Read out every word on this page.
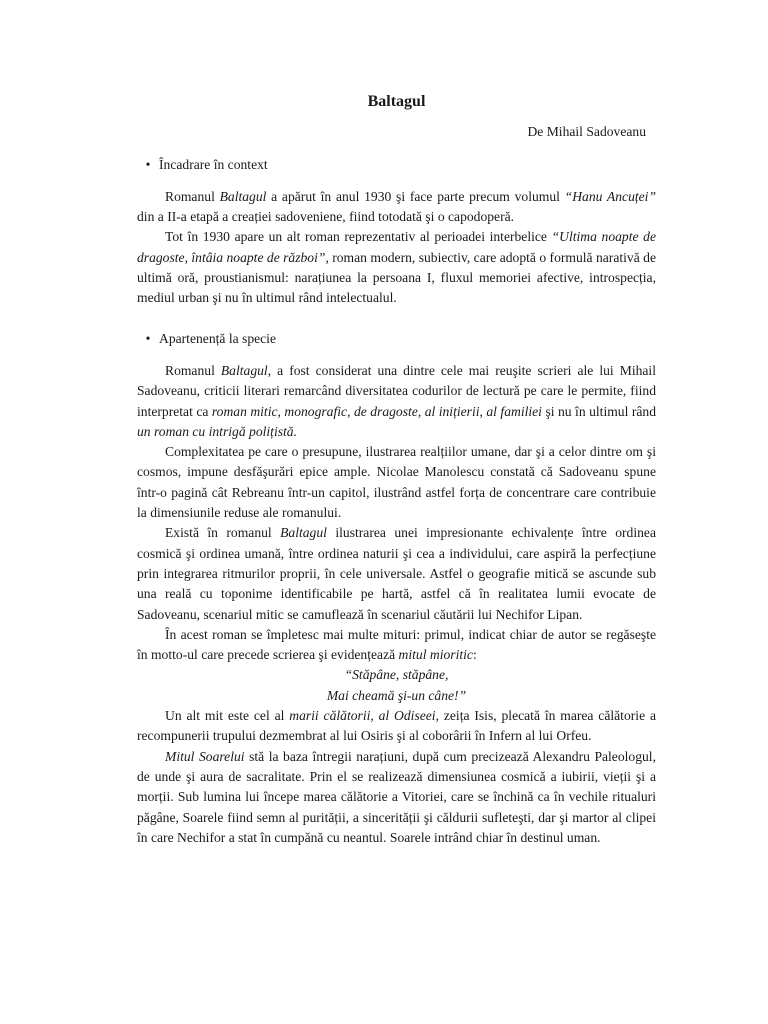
Baltagul
De Mihail Sadoveanu
• Încadrare în context

Romanul Baltagul a apărut în anul 1930 şi face parte precum volumul “Hanu Ancuței” din a II-a etapă a creației sadoveniene, fiind totodată şi o capodoperă.

Tot în 1930 apare un alt roman reprezentativ al perioadei interbelice “Ultima noapte de dragoste, întâia noapte de război”, roman modern, subiectiv, care adoptă o formulă narativă de ultimă oră, proustianismul: narațiunea la persoana I, fluxul memoriei afective, introspecția, mediul urban şi nu în ultimul rând intelectualul.

• Apartenență la specie

Romanul Baltagul, a fost considerat una dintre cele mai reuşite scrieri ale lui Mihail Sadoveanu, criticii literari remarcând diversitatea codurilor de lectură pe care le permite, fiind interpretat ca roman mitic, monografic, de dragoste, al inițierii, al familiei şi nu în ultimul rând un roman cu intrigă polițistă.

Complexitatea pe care o presupune, ilustrarea realțiilor umane, dar şi a celor dintre om şi cosmos, impune desfăşurări epice ample. Nicolae Manolescu constată că Sadoveanu spune într-o pagină cât Rebreanu într-un capitol, ilustrând astfel forța de concentrare care contribuie la dimensiunile reduse ale romanului.

Există în romanul Baltagul ilustrarea unei impresionante echivalențe între ordinea cosmică şi ordinea umană, între ordinea naturii şi cea a individului, care aspiră la perfecțiune prin integrarea ritmurilor proprii, în cele universale. Astfel o geografie mitică se ascunde sub una reală cu toponime identificabile pe hartă, astfel că în realitatea lumii evocate de Sadoveanu, scenariul mitic se camuflează în scenariul căutării lui Nechifor Lipan.

În acest roman se împletesc mai multe mituri: primul, indicat chiar de autor se regăseşte în motto-ul care precede scrierea şi evidențează mitul mioritic:

“Stăpâne, stăpâne,

Mai cheamă şi-un câne!”

Un alt mit este cel al marii călătorii, al Odiseei, zeița Isis, plecată în marea călătorie a recompunerii trupului dezmembrat al lui Osiris şi al coborârii în Infern al lui Orfeu.

Mitul Soarelui stă la baza întregii narațiuni, după cum precizează Alexandru Paleologul, de unde şi aura de sacralitate. Prin el se realizează dimensiunea cosmică a iubirii, vieții şi a morții. Sub lumina lui începe marea călătorie a Vitoriei, care se închină ca în vechile ritualuri păgâne, Soarele fiind semn al purității, a sincerității şi căldurii sufleteşti, dar şi martor al clipei în care Nechifor a stat în cumpănă cu neantul. Soarele intrând chiar în destinul uman.
